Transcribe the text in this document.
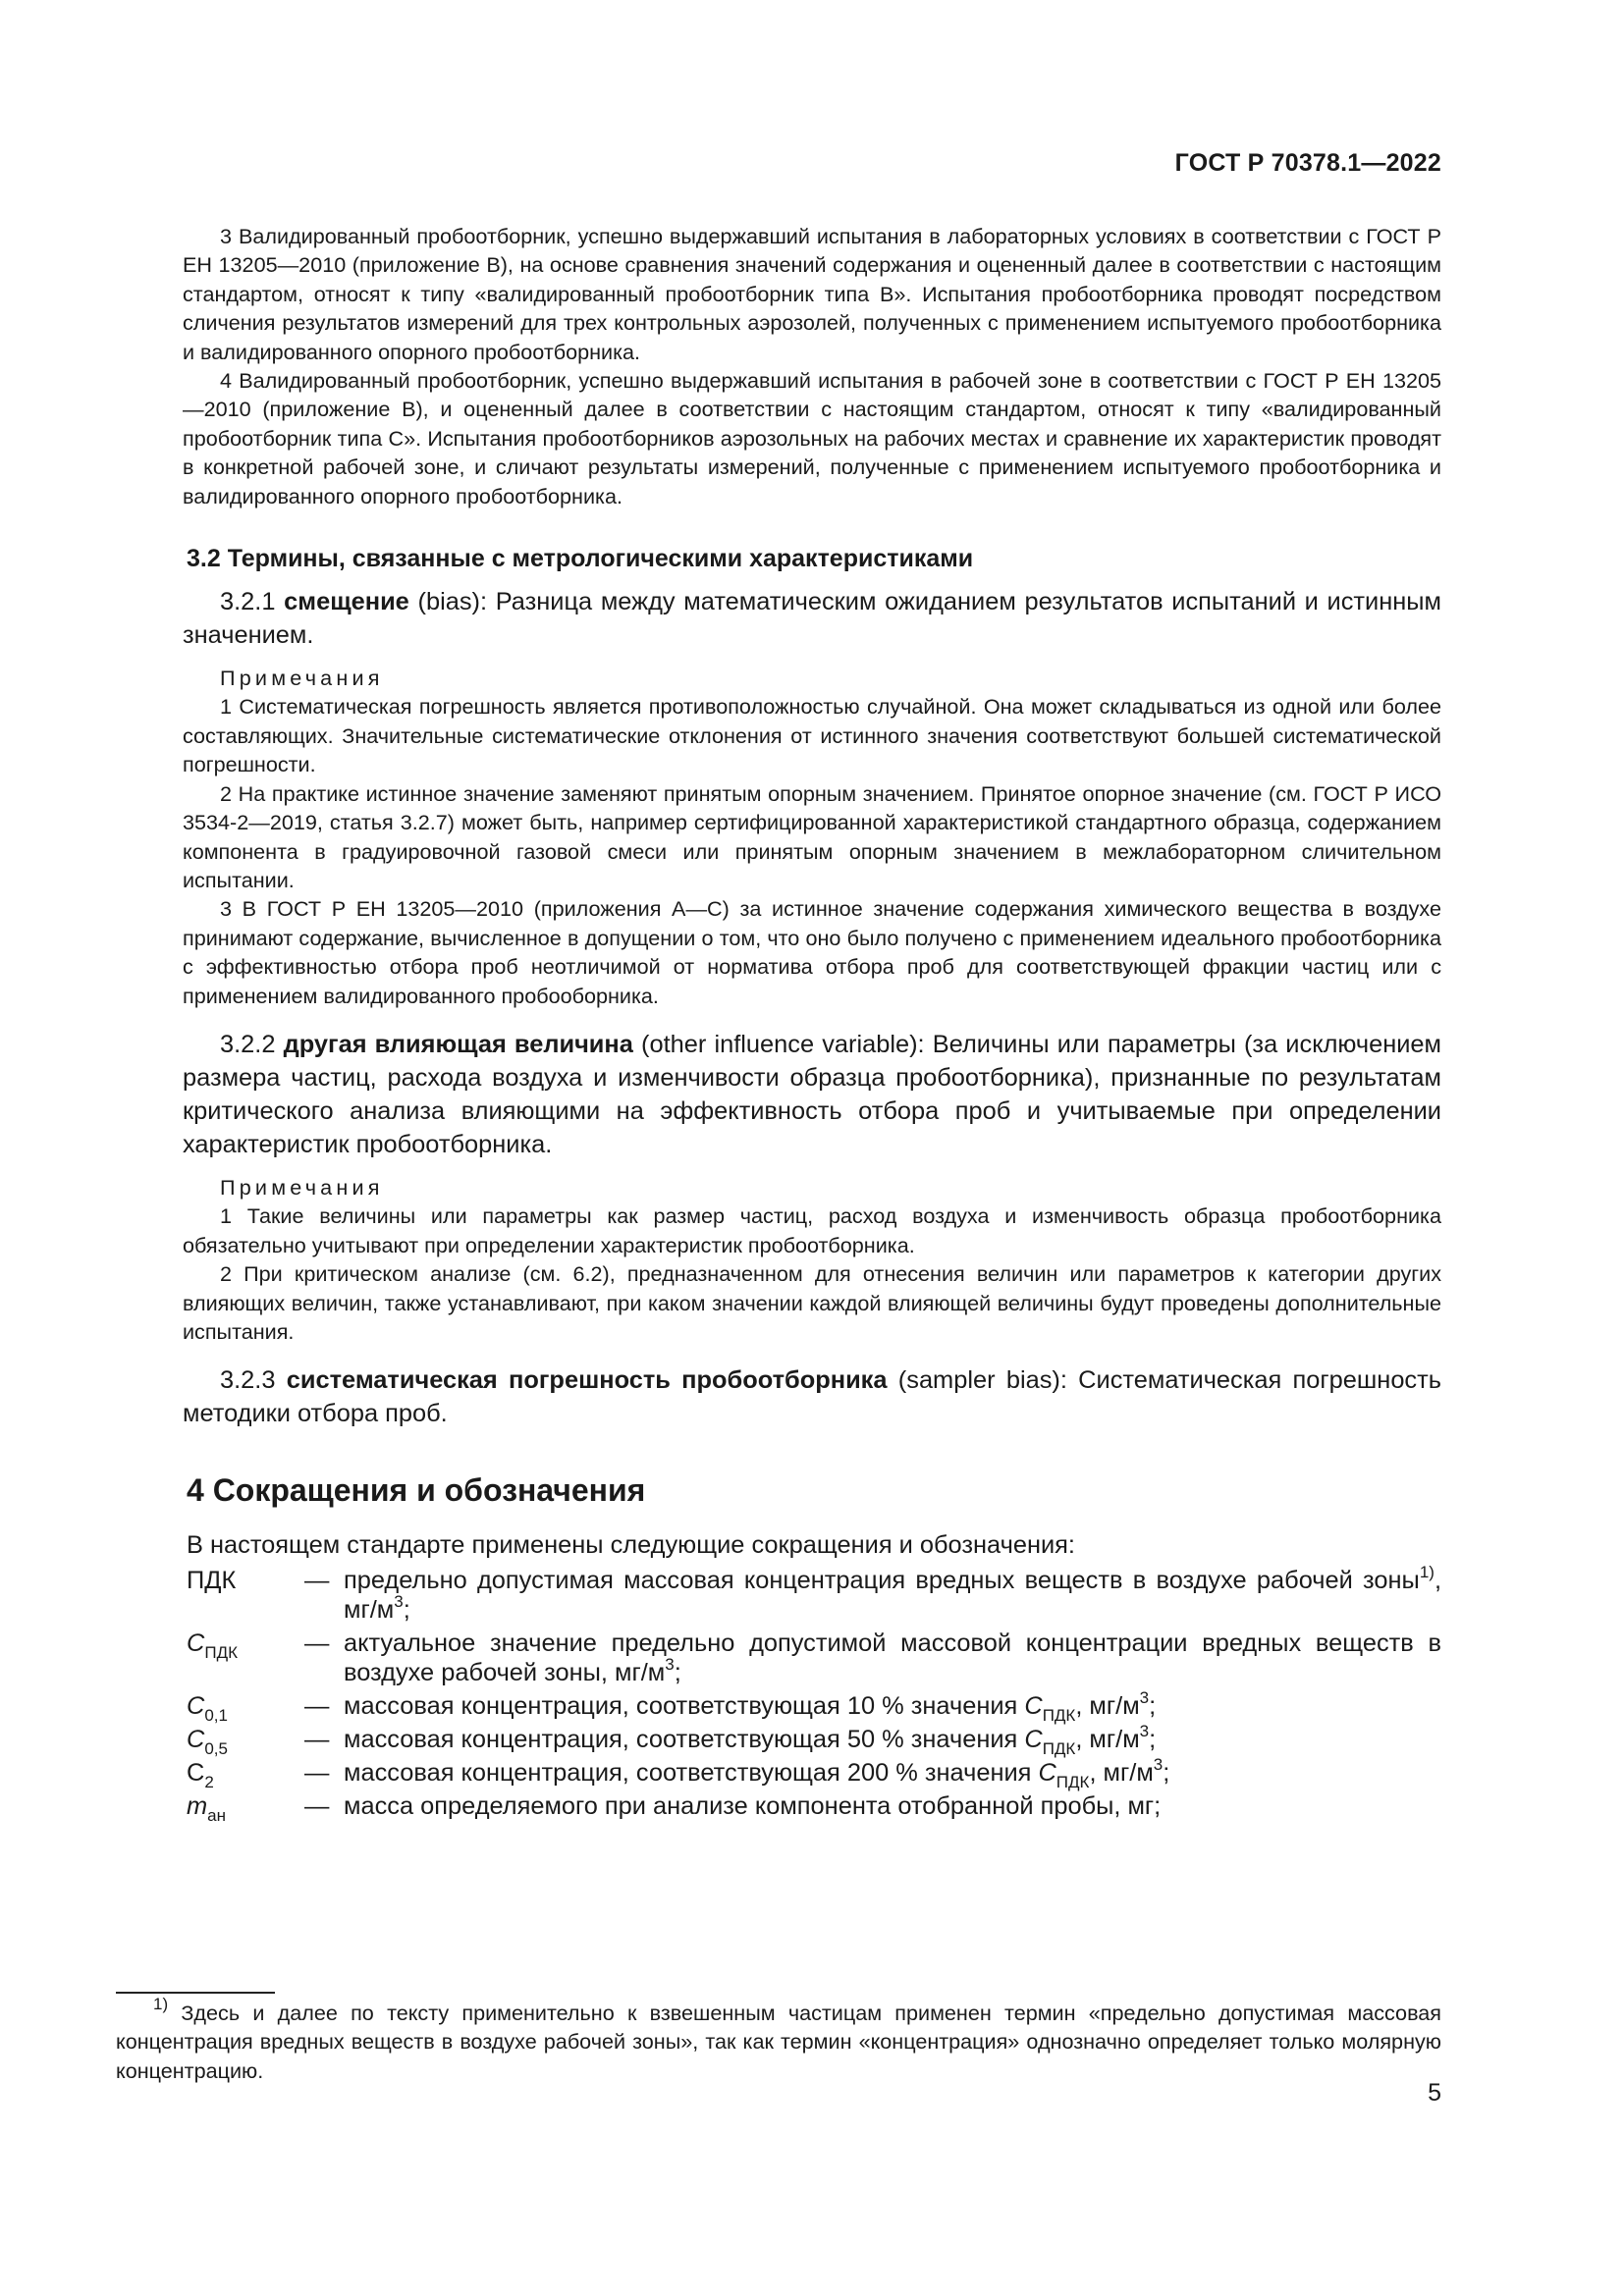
ГОСТ Р 70378.1—2022

3 Валидированный пробоотборник, успешно выдержавший испытания в лабораторных условиях в соответствии с ГОСТ Р ЕН 13205—2010 (приложение В), на основе сравнения значений содержания и оцененный далее в соответствии с настоящим стандартом, относят к типу «валидированный пробоотборник типа В». Испытания пробоотборника проводят посредством сличения результатов измерений для трех контрольных аэрозолей, полученных с применением испытуемого пробоотборника и валидированного опорного пробоотборника.

4 Валидированный пробоотборник, успешно выдержавший испытания в рабочей зоне в соответствии с ГОСТ Р ЕН 13205—2010 (приложение В), и оцененный далее в соответствии с настоящим стандартом, относят к типу «валидированный пробоотборник типа С». Испытания пробоотборников аэрозольных на рабочих местах и сравнение их характеристик проводят в конкретной рабочей зоне, и сличают результаты измерений, полученные с применением испытуемого пробоотборника и валидированного опорного пробоотборника.

3.2 Термины, связанные с метрологическими характеристиками

3.2.1 смещение (bias): Разница между математическим ожиданием результатов испытаний и истинным значением.

Примечания

1 Систематическая погрешность является противоположностью случайной. Она может складываться из одной или более составляющих. Значительные систематические отклонения от истинного значения соответствуют большей систематической погрешности.

2 На практике истинное значение заменяют принятым опорным значением. Принятое опорное значение (см. ГОСТ Р ИСО 3534-2—2019, статья 3.2.7) может быть, например сертифицированной характеристикой стандартного образца, содержанием компонента в градуировочной газовой смеси или принятым опорным значением в межлабораторном сличительном испытании.

3 В ГОСТ Р ЕН 13205—2010 (приложения А—С) за истинное значение содержания химического вещества в воздухе принимают содержание, вычисленное в допущении о том, что оно было получено с применением идеального пробоотборника с эффективностью отбора проб неотличимой от норматива отбора проб для соответствующей фракции частиц или с применением валидированного пробооборника.

3.2.2 другая влияющая величина (other influence variable): Величины или параметры (за исключением размера частиц, расхода воздуха и изменчивости образца пробоотборника), признанные по результатам критического анализа влияющими на эффективность отбора проб и учитываемые при определении характеристик пробоотборника.

Примечания

1 Такие величины или параметры как размер частиц, расход воздуха и изменчивость образца пробоотборника обязательно учитывают при определении характеристик пробоотборника.

2 При критическом анализе (см. 6.2), предназначенном для отнесения величин или параметров к категории других влияющих величин, также устанавливают, при каком значении каждой влияющей величины будут проведены дополнительные испытания.

3.2.3 систематическая погрешность пробоотборника (sampler bias): Систематическая погрешность методики отбора проб.

4 Сокращения и обозначения
В настоящем стандарте применены следующие сокращения и обозначения:
ПДК	— предельно допустимая массовая концентрация вредных веществ в воздухе рабочей зоны$^{1)}$, $мг/м^3$;
$C_{ПДК}$	— актуальное значение предельно допустимой массовой концентрации вредных веществ в воздухе рабочей зоны, $мг/м^3$;
$C_{0,1}$	— массовая концентрация, соответствующая 10 % значения $C_{ПДК}$, $мг/м^3$;
$C_{0,5}$	— массовая концентрация, соответствующая 50 % значения $C_{ПДК}$, $мг/м^3$;
$C_2$	— массовая концентрация, соответствующая 200 % значения $C_{ПДК}$, $мг/м^3$;
$m_{ан}$	— масса определяемого при анализе компонента отобранной пробы, мг;

$^{1)}$ Здесь и далее по тексту применительно к взвешенным частицам применен термин «предельно допустимая массовая концентрация вредных веществ в воздухе рабочей зоны», так как термин «концентрация» однозначно определяет только молярную концентрацию.

5
